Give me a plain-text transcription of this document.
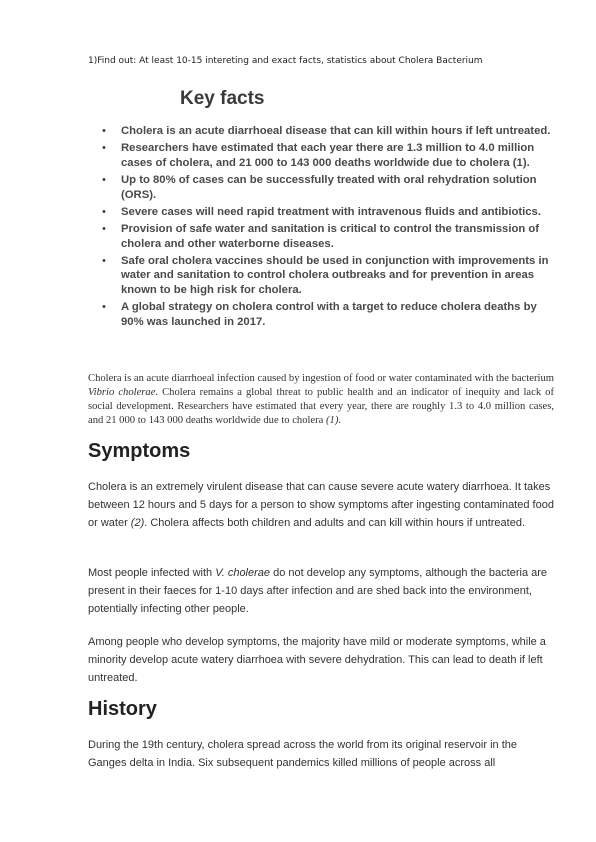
1)Find out: At least 10-15 intereting and exact facts, statistics about Cholera Bacterium
Key facts
• Cholera is an acute diarrhoeal disease that can kill within hours if left untreated.
• Researchers have estimated that each year there are 1.3 million to 4.0 million cases of cholera, and 21 000 to 143 000 deaths worldwide due to cholera (1).
• Up to 80% of cases can be successfully treated with oral rehydration solution (ORS).
• Severe cases will need rapid treatment with intravenous fluids and antibiotics.
• Provision of safe water and sanitation is critical to control the transmission of cholera and other waterborne diseases.
• Safe oral cholera vaccines should be used in conjunction with improvements in water and sanitation to control cholera outbreaks and for prevention in areas known to be high risk for cholera.
• A global strategy on cholera control with a target to reduce cholera deaths by 90% was launched in 2017.

Cholera is an acute diarrhoeal infection caused by ingestion of food or water contaminated with the bacterium Vibrio cholerae. Cholera remains a global threat to public health and an indicator of inequity and lack of social development. Researchers have estimated that every year, there are roughly 1.3 to 4.0 million cases, and 21 000 to 143 000 deaths worldwide due to cholera (1).

Symptoms

Cholera is an extremely virulent disease that can cause severe acute watery diarrhoea. It takes between 12 hours and 5 days for a person to show symptoms after ingesting contaminated food or water (2). Cholera affects both children and adults and can kill within hours if untreated.

Most people infected with V. cholerae do not develop any symptoms, although the bacteria are present in their faeces for 1-10 days after infection and are shed back into the environment, potentially infecting other people.

Among people who develop symptoms, the majority have mild or moderate symptoms, while a minority develop acute watery diarrhoea with severe dehydration. This can lead to death if left untreated.

History

During the 19th century, cholera spread across the world from its original reservoir in the Ganges delta in India. Six subsequent pandemics killed millions of people across all
